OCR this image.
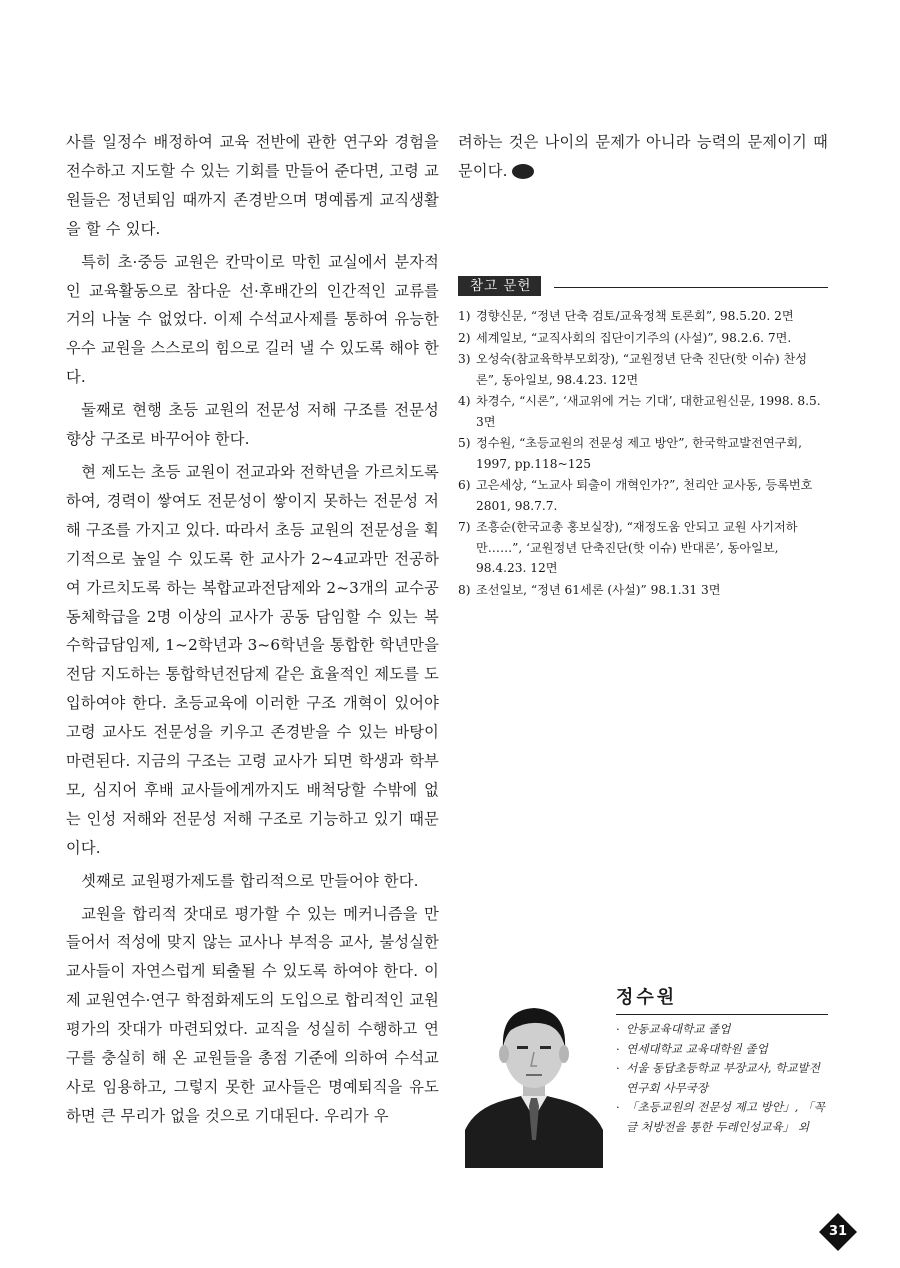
사를 일정수 배정하여 교육 전반에 관한 연구와 경험을 전수하고 지도할 수 있는 기회를 만들어 준다면, 고령 교원들은 정년퇴임 때까지 존경받으며 명예롭게 교직생활을 할 수 있다.

특히 초·중등 교원은 칸막이로 막힌 교실에서 분자적인 교육활동으로 참다운 선·후배간의 인간적인 교류를 거의 나눌 수 없었다. 이제 수석교사제를 통하여 유능한 우수 교원을 스스로의 힘으로 길러 낼 수 있도록 해야 한다.

둘째로 현행 초등 교원의 전문성 저해 구조를 전문성 향상 구조로 바꾸어야 한다.

현 제도는 초등 교원이 전교과와 전학년을 가르치도록 하여, 경력이 쌓여도 전문성이 쌓이지 못하는 전문성 저해 구조를 가지고 있다. 따라서 초등 교원의 전문성을 획기적으로 높일 수 있도록 한 교사가 2~4교과만 전공하여 가르치도록 하는 복합교과전담제와 2~3개의 교수공동체학급을 2명 이상의 교사가 공동 담임할 수 있는 복수학급담임제, 1~2학년과 3~6학년을 통합한 학년만을 전담 지도하는 통합학년전담제 같은 효율적인 제도를 도입하여야 한다. 초등교육에 이러한 구조 개혁이 있어야 고령 교사도 전문성을 키우고 존경받을 수 있는 바탕이 마련된다. 지금의 구조는 고령 교사가 되면 학생과 학부모, 심지어 후배 교사들에게까지도 배척당할 수밖에 없는 인성 저해와 전문성 저해 구조로 기능하고 있기 때문이다.

셋째로 교원평가제도를 합리적으로 만들어야 한다.

교원을 합리적 잣대로 평가할 수 있는 메커니즘을 만들어서 적성에 맞지 않는 교사나 부적응 교사, 불성실한 교사들이 자연스럽게 퇴출될 수 있도록 하여야 한다. 이제 교원연수·연구 학점화제도의 도입으로 합리적인 교원평가의 잣대가 마련되었다. 교직을 성실히 수행하고 연구를 충실히 해 온 교원들을 총점 기준에 의하여 수석교사로 임용하고, 그렇지 못한 교사들은 명예퇴직을 유도하면 큰 무리가 없을 것으로 기대된다. 우리가 우

려하는 것은 나이의 문제가 아니라 능력의 문제이기 때문이다.

참고 문헌
1) 경향신문, “정년 단축 검토/교육정책 토론회”, 98.5.20. 2면
2) 세계일보, “교직사회의 집단이기주의 (사설)”, 98.2.6. 7면.
3) 오성숙(참교육학부모회장), “교원정년 단축 진단(핫 이슈) 찬성론”, 동아일보, 98.4.23. 12면
4) 차경수, “시론”, ‘새교위에 거는 기대’, 대한교원신문, 1998. 8.5. 3면
5) 정수원, “초등교원의 전문성 제고 방안”, 한국학교발전연구회, 1997, pp.118~125
6) 고은세상, “노교사 퇴출이 개혁인가?”, 천리안 교사동, 등록번호 2801, 98.7.7.
7) 조흥순(한국교총 홍보실장), “재정도움 안되고 교원 사기저하만……”, ‘교원정년 단축진단(핫 이슈) 반대론’, 동아일보, 98.4.23. 12면
8) 조선일보, “정년 61세론 (사설)” 98.1.31 3면
정수원
· 안동교육대학교 졸업
· 연세대학교 교육대학원 졸업
· 서울 동답초등학교 부장교사, 학교발전연구회 사무국장
· 「초등교원의 전문성 제고 방안」, 「꼭글 처방전을 통한 두레인성교육」 외
31
